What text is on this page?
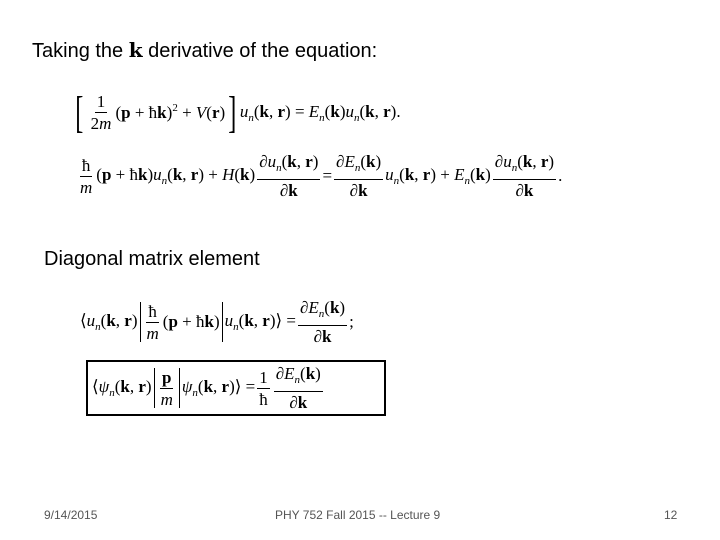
Taking the k derivative of the equation:
[ $\frac{1}{2m} (p$ + ħk)$^2$ + V(r) ] $u_n(k$, $r) = E_n(k)u_n(k$, r).
$\frac{ħ}{m} (p$ + $ħk)u_n(k$, $r) + H(k) \frac{\partial u_n(k, r)}{\partial k} = \frac{\partial E_n(k)}{\partial k} u_n(k$, $r) + E_n(k) \frac{\partial u_n(k, r)}{\partial k}$ .
Diagonal matrix element
$⟨u_n(k$, $r) \frac{ħ}{m} (p$ + ħk) $u_n(k$, r)⟩ = $\frac{\partial E_n(k)}{\partial k}$ ;
$⟨\psi_n(k$, $r) \frac{p}{m} \psi_n(k$, r)⟩ = $\frac{1}{ħ} \frac{\partial E_n(k)}{\partial k}$
9/14/2015	PHY 752 Fall 2015 -- Lecture 9	12
